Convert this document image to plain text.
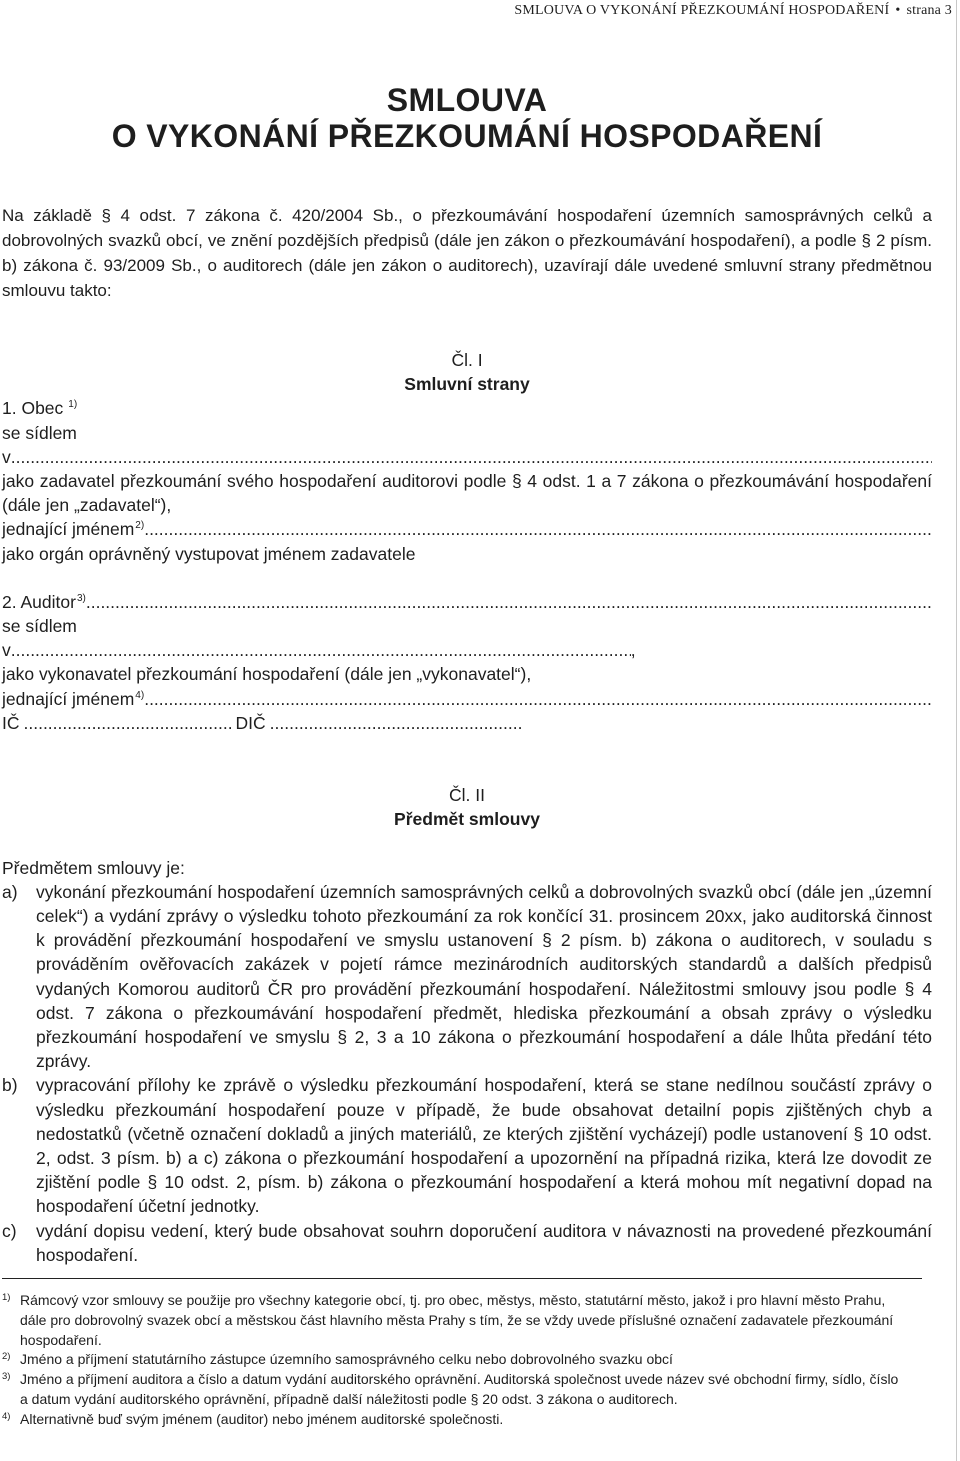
SMLOUVA O VYKONÁNÍ PŘEZKOUMÁNÍ HOSPODAŘENÍ • strana 3
SMLOUVA
O VYKONÁNÍ PŘEZKOUMÁNÍ HOSPODAŘENÍ

Na základě § 4 odst. 7 zákona č. 420/2004 Sb., o přezkoumávání hospodaření územních samosprávných celků a dobrovolných svazků obcí, ve znění pozdějších předpisů (dále jen zákon o přezkoumávání hospodaření), a podle § 2 písm. b) zákona č. 93/2009 Sb., o auditorech (dále jen zákon o auditorech), uzavírají dále uvedené smluvní strany předmětnou smlouvu takto:

Čl. I
Smluvní strany
1. Obec 1)
se sídlem
v
.....

jako zadavatel přezkoumání svého hospodaření auditorovi podle § 4 odst. 1 a 7 zákona o přezkoumávání hospodaření (dále jen „zadavatel“),

jednající jménem 2)
.....
jako orgán oprávněný vystupovat jménem zadavatele
2. Auditor 3)
.....
se sídlem
v .....	,
jako vykonavatel přezkoumání hospodaření (dále jen „vykonavatel“),
jednající jménem 4)
.....
IČ .....	DIČ
.....
Čl. II
Předmět smlouvy
Předmětem smlouvy je:
a)	vykonání přezkoumání hospodaření územních samosprávných celků a dobrovolných svazků obcí (dále jen „územní celek“) a vydání zprávy o výsledku tohoto přezkoumání za rok končící 31. prosincem 20xx, jako auditorská činnost k provádění přezkoumání hospodaření ve smyslu ustanovení § 2 písm. b) zákona o auditorech, v souladu s prováděním ověřovacích zakázek v pojetí rámce mezinárodních auditorských standardů a dalších předpisů vydaných Komorou auditorů ČR pro provádění přezkoumání hospodaření. Náležitostmi smlouvy jsou podle § 4 odst. 7 zákona o přezkoumávání hospodaření předmět, hlediska přezkoumání a obsah zprávy o výsledku přezkoumání hospodaření ve smyslu § 2, 3 a 10 zákona o přezkoumání hospodaření a dále lhůta předání této zprávy.
b)	vypracování přílohy ke zprávě o výsledku přezkoumání hospodaření, která se stane nedílnou součástí zprávy o výsledku přezkoumání hospodaření pouze v případě, že bude obsahovat detailní popis zjištěných chyb a nedostatků (včetně označení dokladů a jiných materiálů, ze kterých zjištění vycházejí) podle ustanovení § 10 odst. 2, odst. 3 písm. b) a c) zákona o přezkoumání hospodaření a upozornění na případná rizika, která lze dovodit ze zjištění podle § 10 odst. 2, písm. b) zákona o přezkoumání hospodaření a která mohou mít negativní dopad na hospodaření účetní jednotky.
c)	vydání dopisu vedení, který bude obsahovat souhrn doporučení auditora v návaznosti na provedené přezkoumání hospodaření.
1) Rámcový vzor smlouvy se použije pro všechny kategorie obcí, tj. pro obec, městys, město, statutární město, jakož i pro hlavní město Prahu, dále pro dobrovolný svazek obcí a městskou část hlavního města Prahy s tím, že se vždy uvede příslušné označení zadavatele přezkoumání hospodaření.
2) Jméno a příjmení statutárního zástupce územního samosprávného celku nebo dobrovolného svazku obcí
3) Jméno a příjmení auditora a číslo a datum vydání auditorského oprávnění. Auditorská společnost uvede název své obchodní firmy, sídlo, číslo a datum vydání auditorského oprávnění, případně další náležitosti podle § 20 odst. 3 zákona o auditorech.
4) Alternativně buď svým jménem (auditor) nebo jménem auditorské společnosti.
